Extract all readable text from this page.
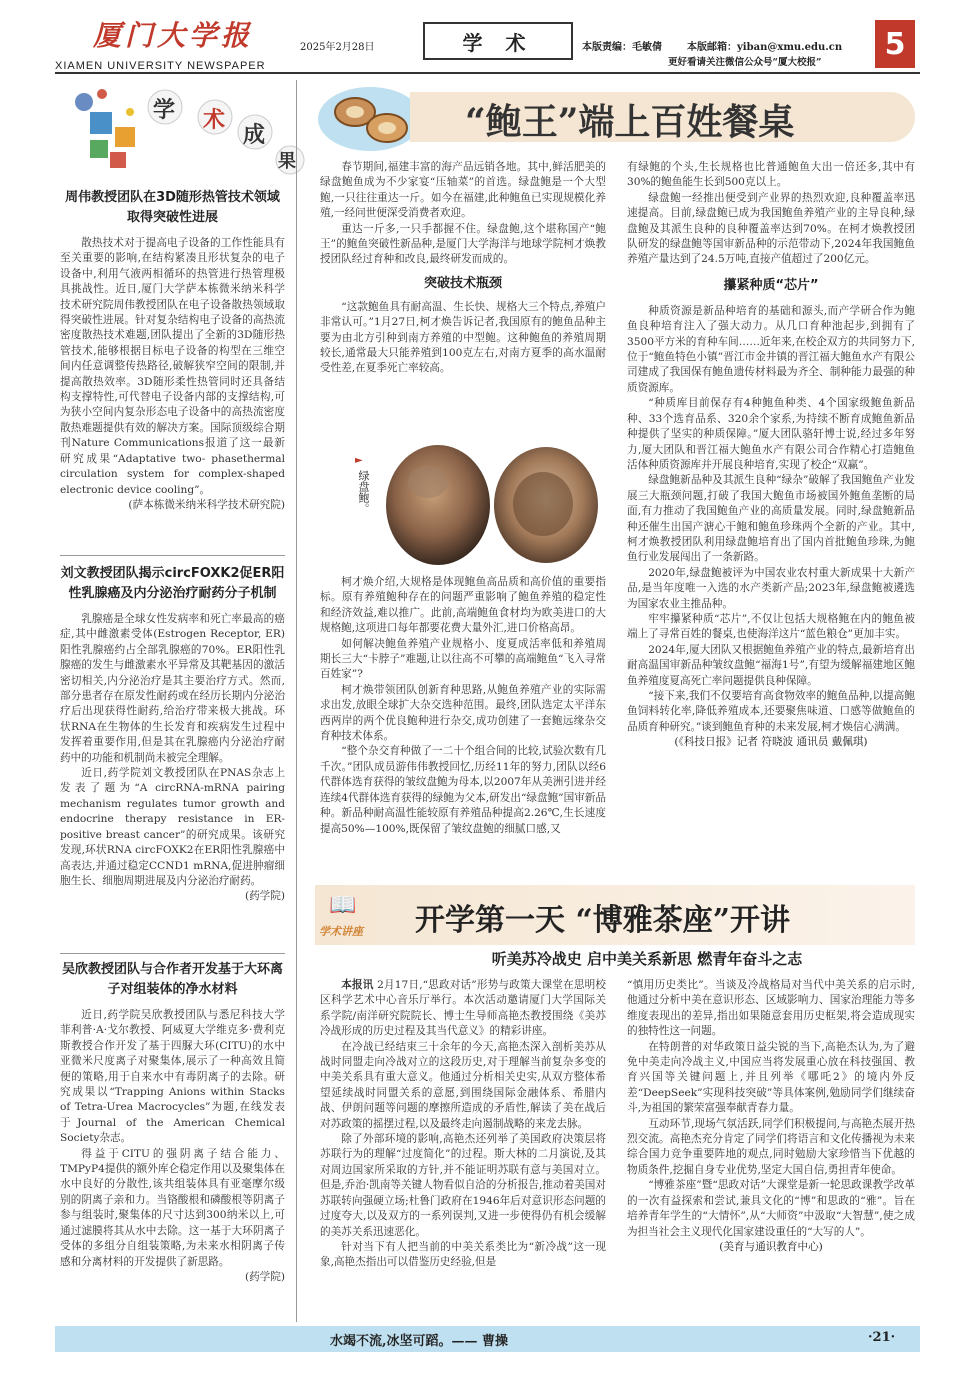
厦门大学报
XIAMEN UNIVERSITY NEWSPAPER
2025年2月28日	学 术	本版责编：毛敏倩	本版邮箱：yiban@xmu.edu.cn
更好看请关注微信公众号“厦大校报”
5
学 术
成
果
周伟教授团队在3D随形热管技术领域取得突破性进展
散热技术对于提高电子设备的工作性能具有至关重要的影响,在结构紧凑且形状复杂的电子设备中,利用气液两相循环的热管进行热管理极具挑战性。近日,厦门大学萨本栋微米纳米科学技术研究院周伟教授团队在电子设备散热领域取得突破性进展。针对复杂结构电子设备的高热流密度散热技术难题,团队提出了全新的3D随形热管技术,能够根据目标电子设备的构型在三维空间内任意调整传热路径,破解狭窄空间的限制,并提高散热效率。3D随形柔性热管同时还具备结构支撑特性,可代替电子设备内部的支撑结构,可为狭小空间内复杂形态电子设备中的高热流密度散热难题提供有效的解决方案。国际顶级综合期刊Nature Communications报道了这一最新研究成果“Adaptative two- phasethermal circulation system for complex-shaped electronic device cooling”。
(萨本栋微米纳米科学技术研究院)
刘文教授团队揭示circFOXK2促ER阳性乳腺癌及内分泌治疗耐药分子机制
乳腺癌是全球女性发病率和死亡率最高的癌症,其中雌激素受体(Estrogen Receptor, ER)阳性乳腺癌约占全部乳腺癌的70%。ER阳性乳腺癌的发生与雌激素水平异常及其靶基因的激活密切相关,内分泌治疗是其主要治疗方式。然而,部分患者存在原发性耐药或在经历长期内分泌治疗后出现获得性耐药,给治疗带来极大挑战。环状RNA在生物体的生长发育和疾病发生过程中发挥着重要作用,但是其在乳腺癌内分泌治疗耐药中的功能和机制尚未被完全理解。
近日,药学院刘文教授团队在PNAS杂志上发表了题为“A circRNA-mRNA pairing mechanism regulates tumor growth and endocrine therapy resistance in ER-positive breast cancer”的研究成果。该研究发现,环状RNA circFOXK2在ER阳性乳腺癌中高表达,并通过稳定CCND1 mRNA,促进肿瘤细胞生长、细胞周期进展及内分泌治疗耐药。
(药学院)
吴欣教授团队与合作者开发基于大环离子对组装体的净水材料
近日,药学院吴欣教授团队与悉尼科技大学菲利普·A·戈尔教授、阿威夏大学维克多·费利克斯教授合作开发了基于四脲大环(CITU)的水中亚微米尺度离子对聚集体,展示了一种高效且简便的策略,用于自来水中有毒阴离子的去除。研究成果以“Trapping Anions within Stacks of Tetra-Urea Macrocycles”为题,在线发表于Journal of the American Chemical Society杂志。
得益于CITU的强阴离子结合能力、TMPyP4提供的额外库仑稳定作用以及聚集体在水中良好的分散性,该共组装体具有亚毫摩尔级别的阴离子亲和力。当铬酸根和磷酸根等阴离子参与组装时,聚集体的尺寸达到300纳米以上,可通过滤膜将其从水中去除。这一基于大环阴离子受体的多组分自组装策略,为未来水相阴离子传感和分离材料的开发提供了新思路。
(药学院)
“鲍王”端上百姓餐桌
春节期间,福建丰富的海产品远销各地。其中,鲜活肥美的绿盘鲍鱼成为不少家宴“压轴菜”的首选。绿盘鲍是一个大型鲍,一只往往重达一斤。如今在福建,此种鲍鱼已实现规模化养殖,一经问世便深受消费者欢迎。
重达一斤多,一只手都握不住。绿盘鲍,这个堪称国产“鲍王”的鲍鱼突破性新品种,是厦门大学海洋与地球学院柯才焕教授团队经过育种和改良,最终研发而成的。
突破技术瓶颈
“这款鲍鱼具有耐高温、生长快、规格大三个特点,养殖户非常认可。”1月27日,柯才焕告诉记者,我国原有的鲍鱼品种主要为由北方引种到南方养殖的中型鲍。这种鲍鱼的养殖周期较长,通常最大只能养殖到100克左右,对南方夏季的高水温耐受性差,在夏季死亡率较高。
►
绿盘鲍。
柯才焕介绍,大规格是体现鲍鱼高品质和高价值的重要指标。原有养殖鲍种存在的问题严重影响了鲍鱼养殖的稳定性和经济效益,难以推广。此前,高端鲍鱼食材均为欧美进口的大规格鲍,这项进口每年都要花费大量外汇,进口价格高昂。
如何解决鲍鱼养殖产业规格小、度夏成活率低和养殖周期长三大“卡脖子”难题,让以往高不可攀的高端鲍鱼“飞入寻常百姓家”?
柯才焕带领团队创新育种思路,从鲍鱼养殖产业的实际需求出发,放眼全球扩大杂交选种范围。最终,团队选定太平洋东西两岸的两个优良鲍种进行杂交,成功创建了一套鲍远缘杂交育种技术体系。
“整个杂交育种做了一二十个组合间的比较,试验次数有几千次。”团队成员游伟伟教授回忆,历经11年的努力,团队以经6代群体选育获得的皱纹盘鲍为母本,以2007年从美洲引进并经连续4代群体选育获得的绿鲍为父本,研发出“绿盘鲍”国审新品种。新品种耐高温性能较原有养殖品种提高2.26℃,生长速度提高50%—100%,既保留了皱纹盘鲍的细腻口感,又
有绿鲍的个头,生长规格也比普通鲍鱼大出一倍还多,其中有30%的鲍鱼能生长到500克以上。
绿盘鲍一经推出便受到产业界的热烈欢迎,良种覆盖率迅速提高。目前,绿盘鲍已成为我国鲍鱼养殖产业的主导良种,绿盘鲍及其派生良种的良种覆盖率达到70%。在柯才焕教授团队研发的绿盘鲍等国审新品种的示范带动下,2024年我国鲍鱼养殖产量达到了24.5万吨,直接产值超过了200亿元。
攥紧种质“芯片”
种质资源是新品种培育的基础和源头,而产学研合作为鲍鱼良种培育注入了强大动力。从几口育种池起步,到拥有了3500平方米的育种车间……近年来,在校企双方的共同努力下,位于“鲍鱼特色小镇”晋江市金井镇的晋江福大鲍鱼水产有限公司建成了我国保有鲍鱼遗传材料最为齐全、制种能力最强的种质资源库。
“种质库目前保存有4种鲍鱼种类、4个国家级鲍鱼新品种、33个选育品系、320余个家系,为持续不断育成鲍鱼新品种提供了坚实的种质保障。”厦大团队骆轩博士说,经过多年努力,厦大团队和晋江福大鲍鱼水产有限公司合作精心打造鲍鱼活体种质资源库并开展良种培育,实现了校企“双赢”。
绿盘鲍新品种及其派生良种“绿杂”破解了我国鲍鱼产业发展三大瓶颈问题,打破了我国大鲍鱼市场被国外鲍鱼垄断的局面,有力推动了我国鲍鱼产业的高质量发展。同时,绿盘鲍新品种还催生出国产溏心干鲍和鲍鱼珍珠两个全新的产业。其中,柯才焕教授团队利用绿盘鲍培育出了国内首批鲍鱼珍珠,为鲍鱼行业发展闯出了一条新路。
2020年,绿盘鲍被评为中国农业农村重大新成果十大新产品,是当年度唯一入选的水产类新产品;2023年,绿盘鲍被遴选为国家农业主推品种。
牢牢攥紧种质“芯片”,不仅让包括大规格鲍在内的鲍鱼被端上了寻常百姓的餐桌,也使海洋这片“蓝色粮仓”更加丰实。
2024年,厦大团队又根据鲍鱼养殖产业的特点,最新培育出耐高温国审新品种皱纹盘鲍“福海1号”,有望为缓解福建地区鲍鱼养殖度夏高死亡率问题提供良种保障。
“接下来,我们不仅要培育高食物效率的鲍鱼品种,以提高鲍鱼饲料转化率,降低养殖成本,还要聚焦味道、口感等做鲍鱼的品质育种研究。”谈到鲍鱼育种的未来发展,柯才焕信心满满。
(《科技日报》记者 符晓波 通讯员 戴佩琪)
📖
学术讲座 开学第一天 “博雅茶座”开讲
听美苏冷战史 启中美关系新思 燃青年奋斗之志
本报讯 2月17日,“思政对话”形势与政策大课堂在思明校区科学艺术中心音乐厅举行。本次活动邀请厦门大学国际关系学院/南洋研究院院长、博士生导师高艳杰教授围绕《美苏冷战形成的历史过程及其当代意义》的精彩讲座。
在冷战已经结束三十余年的今天,高艳杰深入剖析美苏从战时同盟走向冷战对立的这段历史,对于理解当前复杂多变的中美关系具有重大意义。他通过分析相关史实,从双方整体希望延续战时同盟关系的意愿,到围绕国际金融体系、希腊内战、伊朗问题等问题的摩擦所造成的矛盾性,解读了美在战后对苏政策的摇摆过程,以及最终走向遏制战略的来龙去脉。
除了外部环境的影响,高艳杰还列举了美国政府决策层将苏联行为的理解“过度简化”的过程。斯大林的二月演说,及其对周边国家所采取的方针,并不能证明苏联有意与美国对立。但是,乔治·凯南等关键人物看似自洽的分析报告,推动着美国对苏联转向强硬立场;杜鲁门政府在1946年后对意识形态问题的过度夸大,以及双方的一系列误判,又进一步使得仍有机会缓解的美苏关系迅速恶化。
针对当下有人把当前的中美关系类比为“新冷战”这一现象,高艳杰指出可以借鉴历史经验,但是
“慎用历史类比”。当谈及冷战格局对当代中美关系的启示时,他通过分析中美在意识形态、区域影响力、国家治理能力等多维度表现出的差异,指出如果随意套用历史框架,将会造成现实的独特性这一问题。
在特朗普的对华政策日益尖锐的当下,高艳杰认为,为了避免中美走向冷战主义,中国应当将发展重心放在科技强国、教育兴国等关键问题上,并且列举《哪吒2》的境内外反差“DeepSeek”实现科技突破”等具体案例,勉励同学们继续奋斗,为祖国的繁荣富强奉献青春力量。
互动环节,现场气氛活跃,同学们积极提问,与高艳杰展开热烈交流。高艳杰充分肯定了同学们将语言和文化传播视为未来综合国力竞争重要阵地的观点,同时勉励大家珍惜当下优越的物质条件,挖掘自身专业优势,坚定大国自信,勇担青年使命。
“博雅茶座”暨“思政对话”大课堂是新一轮思政课教学改革的一次有益探索和尝试,兼具文化的“博”和思政的“雅”。旨在培养青年学生的“大情怀”,从“大师资”中汲取“大智慧”,使之成为担当社会主义现代化国家建设重任的“大写的人”。
(美育与通识教育中心)
水竭不流,冰坚可蹈。—— 曹操	·21·
